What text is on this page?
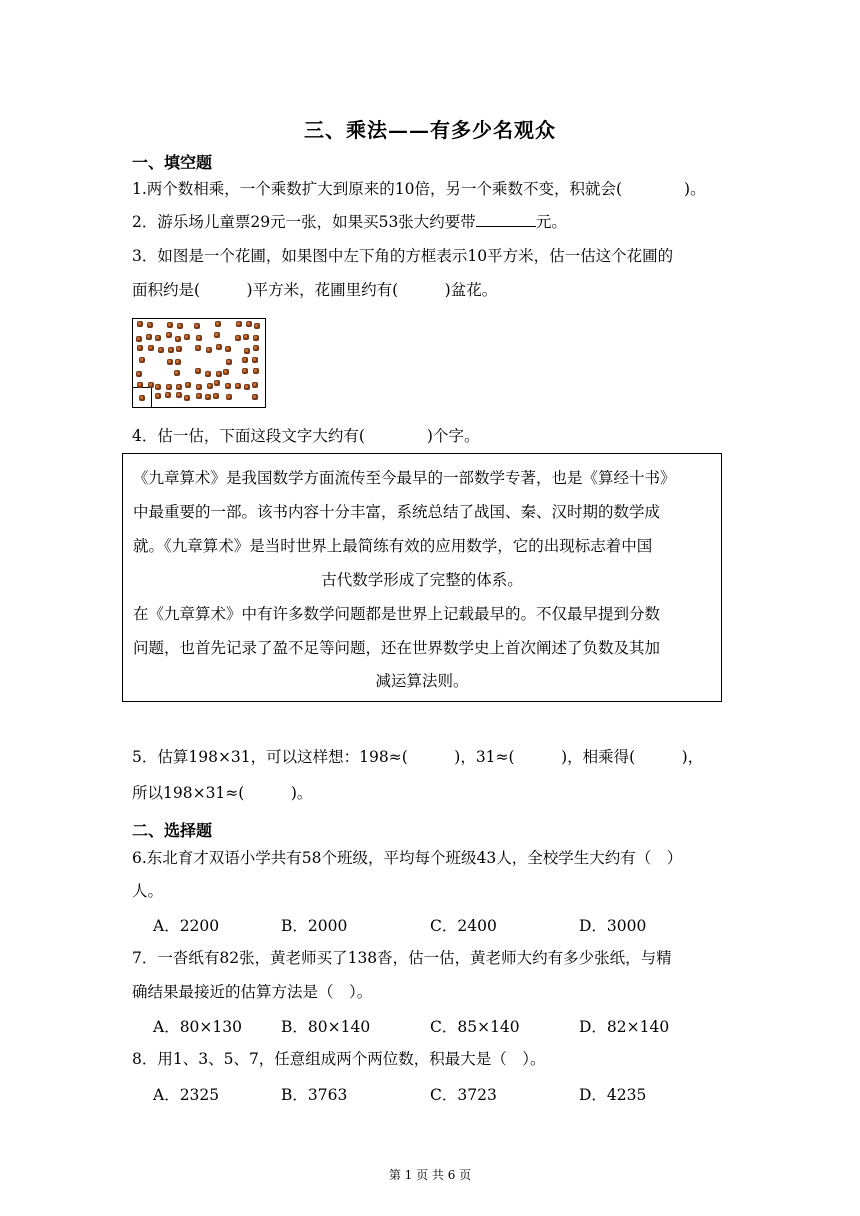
三、乘法——有多少名观众
一、填空题
1.两个数相乘，一个乘数扩大到原来的10倍，另一个乘数不变，积就会(　　　　)。
2．游乐场儿童票29元一张，如果买53张大约要带	元。
3．如图是一个花圃，如果图中左下角的方框表示10平方米，估一估这个花圃的
面积约是(　　　)平方米，花圃里约有(　　　)盆花。
4．估一估，下面这段文字大约有(　　　　)个字。
《九章算术》是我国数学方面流传至今最早的一部数学专著，也是《算经十书》
中最重要的一部。该书内容十分丰富，系统总结了战国、秦、汉时期的数学成
就。《九章算术》是当时世界上最简练有效的应用数学，它的出现标志着中国
古代数学形成了完整的体系。
在《九章算术》中有许多数学问题都是世界上记载最早的。不仅最早提到分数
问题，也首先记录了盈不足等问题，还在世界数学史上首次阐述了负数及其加
减运算法则。
5．估算198×31，可以这样想：198≈(　　　)，31≈(　　　)，相乘得(　　　)，
所以198×31≈(　　　)。
二、选择题
6.东北育才双语小学共有58个班级，平均每个班级43人，全校学生大约有（　）
人。
A．2200	B．2000	C．2400	D．3000
7．一沓纸有82张，黄老师买了138沓，估一估，黄老师大约有多少张纸，与精
确结果最接近的估算方法是（　）。
A．80×130	B．80×140	C．85×140	D．82×140
8．用1、3、5、7，任意组成两个两位数，积最大是（　）。
A．2325	B．3763	C．3723	D．4235
第 1 页 共 6 页
